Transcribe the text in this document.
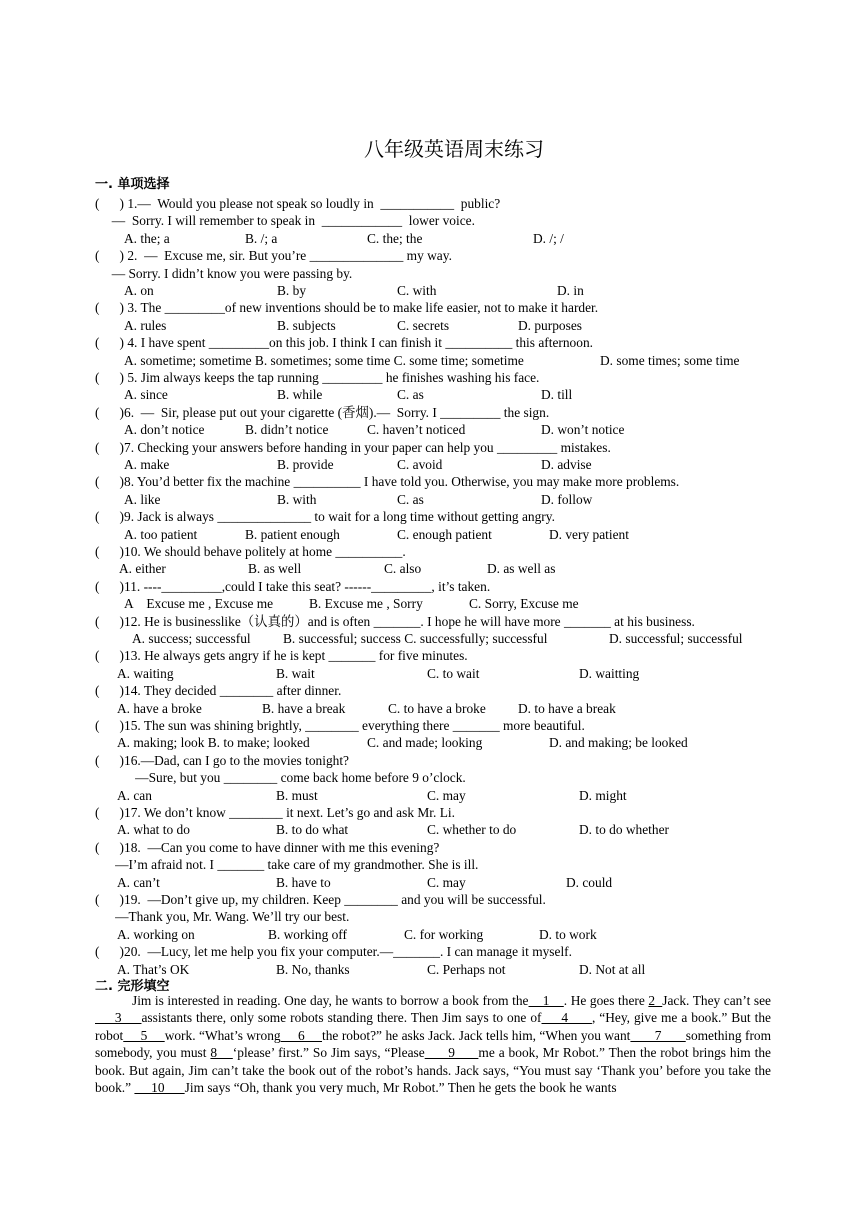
八年级英语周末练习
一. 单项选择
(      ) 1.—  Would you please not speak so loudly in  ___________  public?
—  Sorry. I will remember to speak in  ____________  lower voice.
A. the; a	B. /; a	C. the; the	D. /; /
(      ) 2.  —  Excuse me, sir. But you’re ______________ my way.
— Sorry. I didn’t know you were passing by.
A. on	B. by	C. with	D. in
(      ) 3. The _________of new inventions should be to make life easier, not to make it harder.
A. rules	B. subjects	C. secrets	D. purposes
(      ) 4. I have spent _________on this job. I think I can finish it __________ this afternoon.
A. sometime; sometime B. sometimes; some time C. some time; sometime	D. some times; some time
(      ) 5. Jim always keeps the tap running _________ he finishes washing his face.
A. since	B. while	C. as	D. till
(      )6.  —  Sir, please put out your cigarette (香烟).—  Sorry. I _________ the sign.
A. don’t notice	B. didn’t notice	C. haven’t noticed	D. won’t notice
(      )7. Checking your answers before handing in your paper can help you _________ mistakes.
A. make	B. provide	C. avoid	D. advise
(      )8. You’d better fix the machine __________ I have told you. Otherwise, you may make more problems.
A. like	B. with	C. as	D. follow
(      )9. Jack is always ______________ to wait for a long time without getting angry.
A. too patient	B. patient enough	C. enough patient	D. very patient
(      )10. We should behave politely at home __________.
A. either	B. as well	C. also	D. as well as
(      )11. ----_________,could I take this seat? ------_________, it’s taken.
A    Excuse me , Excuse me	B. Excuse me , Sorry	C. Sorry, Excuse me
(      )12. He is businesslike（认真的）and is often _______. I hope he will have more _______ at his business.
A. success; successful B. successful; success C. successfully; successful	D. successful; successful
(      )13. He always gets angry if he is kept _______ for five minutes.
A. waiting	B. wait	C. to wait	D. waitting
(      )14. They decided ________ after dinner.
A. have a broke	B. have a break	C. to have a broke D. to have a break
(      )15. The sun was shining brightly, ________ everything there _______ more beautiful.
A. making; look B. to make; looked	C. and made; looking	D. and making; be looked
(      )16.—Dad, can I go to the movies tonight?
—Sure, but you ________ come back home before 9 o’clock.
A. can	B. must	C. may	D. might
(      )17. We don’t know ________ it next. Let’s go and ask Mr. Li.
A. what to do	B. to do what	C. whether to do	D. to do whether
(      )18.  —Can you come to have dinner with me this evening?
—I’m afraid not. I _______ take care of my grandmother. She is ill.
A. can’t	B. have to	C. may	D. could
(      )19.  —Don’t give up, my children. Keep ________ and you will be successful.
—Thank you, Mr. Wang. We’ll try our best.
A. working on	B. working off	C. for working	D. to work
(      )20.  —Lucy, let me help you fix your computer.—_______. I can manage it myself.
A. That’s OK	B. No, thanks	C. Perhaps not	D. Not at all
二. 完形填空

Jim is interested in reading. One day, he wants to borrow a book from the    1    . He goes there 2  Jack. They can’t see     3     assistants there, only some robots standing there. Then Jim says to one of     4      , “Hey, give me a book.” But the robot     5     work. “What’s wrong     6     the robot?” he asks Jack. Jack tells him, “When you want       7       something from somebody, you must 8    ‘please’ first.” So Jim says, “Please      9      me a book, Mr Robot.” Then the robot brings him the book. But again, Jim can’t take the book out of the robot’s hands. Jack says, “You must say ‘Thank you’ before you take the book.”      10      Jim says “Oh, thank you very much, Mr Robot.” Then he gets the book he wants
